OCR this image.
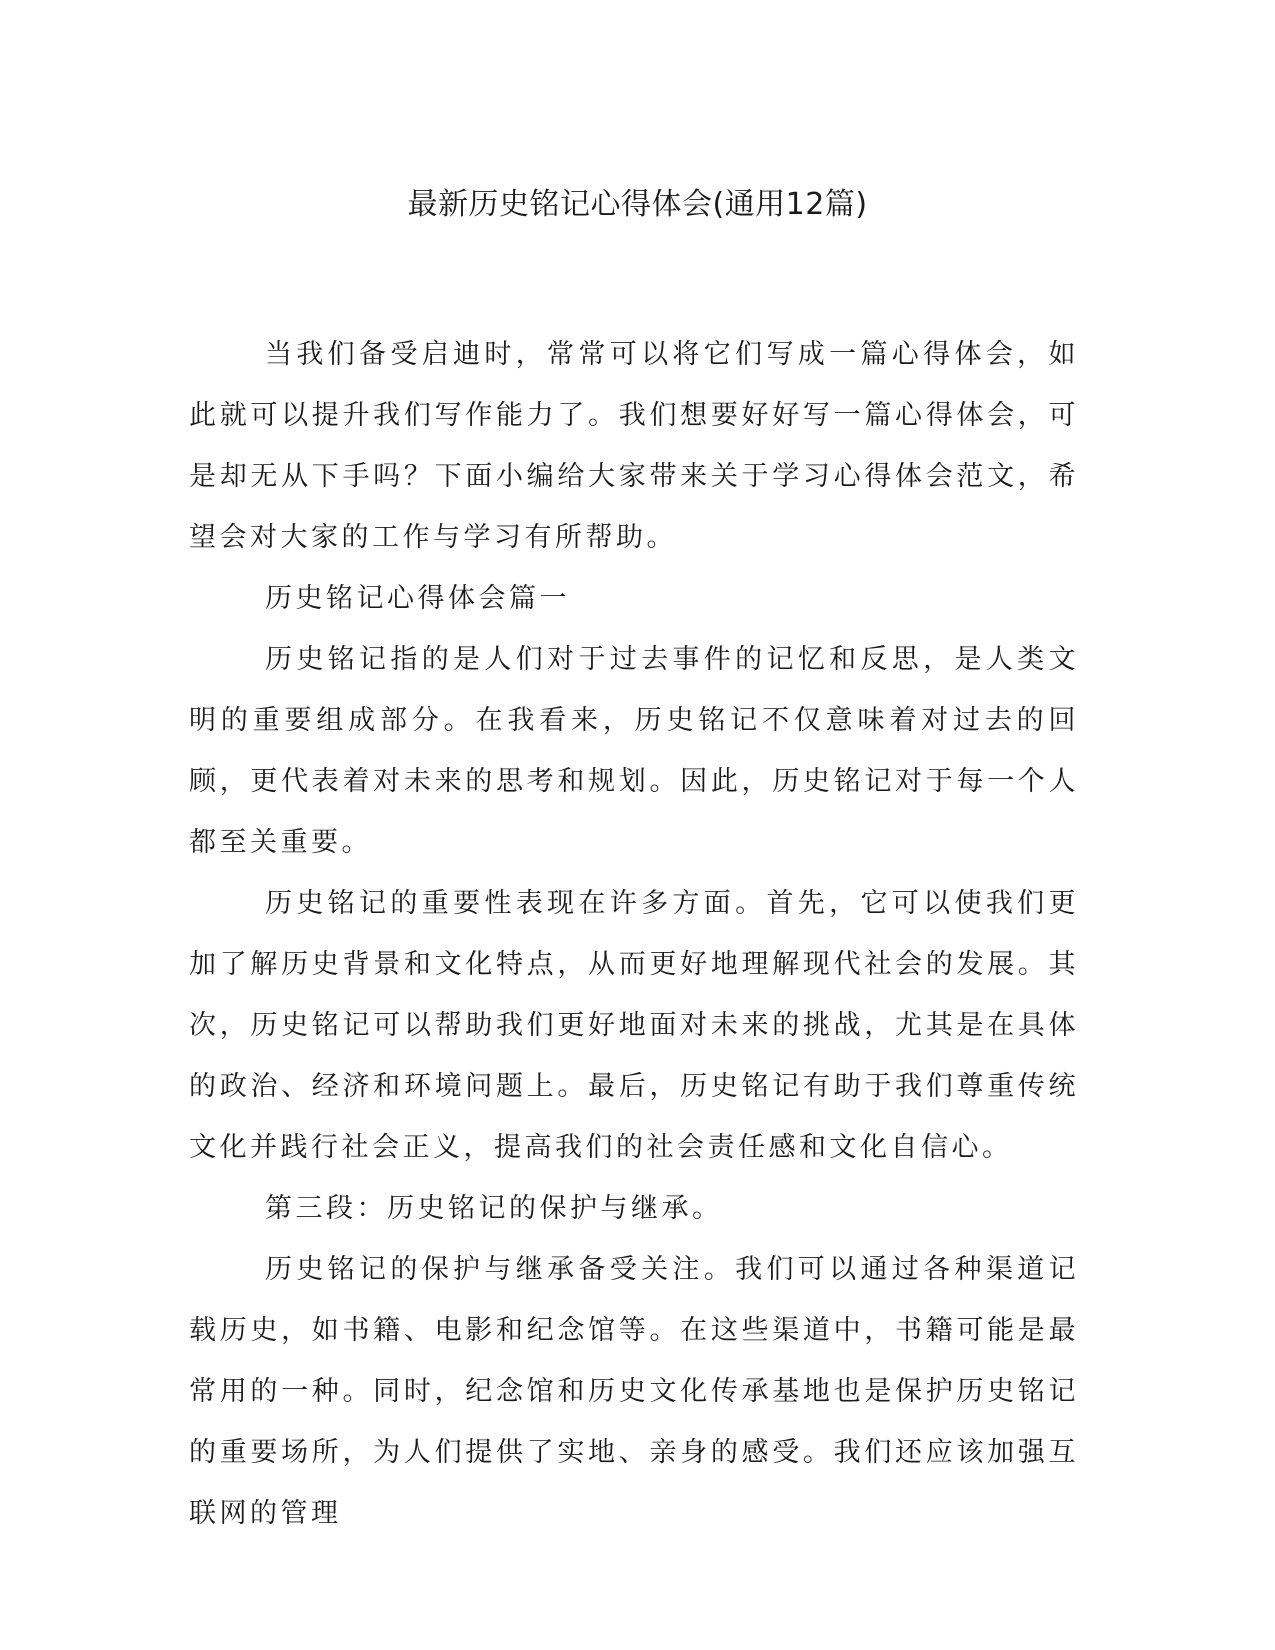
最新历史铭记心得体会(通用12篇)

当我们备受启迪时，常常可以将它们写成一篇心得体会，如此就可以提升我们写作能力了。我们想要好好写一篇心得体会，可是却无从下手吗？下面小编给大家带来关于学习心得体会范文，希望会对大家的工作与学习有所帮助。

历史铭记心得体会篇一

历史铭记指的是人们对于过去事件的记忆和反思，是人类文明的重要组成部分。在我看来，历史铭记不仅意味着对过去的回顾，更代表着对未来的思考和规划。因此，历史铭记对于每一个人都至关重要。

历史铭记的重要性表现在许多方面。首先，它可以使我们更加了解历史背景和文化特点，从而更好地理解现代社会的发展。其次，历史铭记可以帮助我们更好地面对未来的挑战，尤其是在具体的政治、经济和环境问题上。最后，历史铭记有助于我们尊重传统文化并践行社会正义，提高我们的社会责任感和文化自信心。

第三段：历史铭记的保护与继承。

历史铭记的保护与继承备受关注。我们可以通过各种渠道记载历史，如书籍、电影和纪念馆等。在这些渠道中，书籍可能是最常用的一种。同时，纪念馆和历史文化传承基地也是保护历史铭记的重要场所，为人们提供了实地、亲身的感受。我们还应该加强互联网的管理
